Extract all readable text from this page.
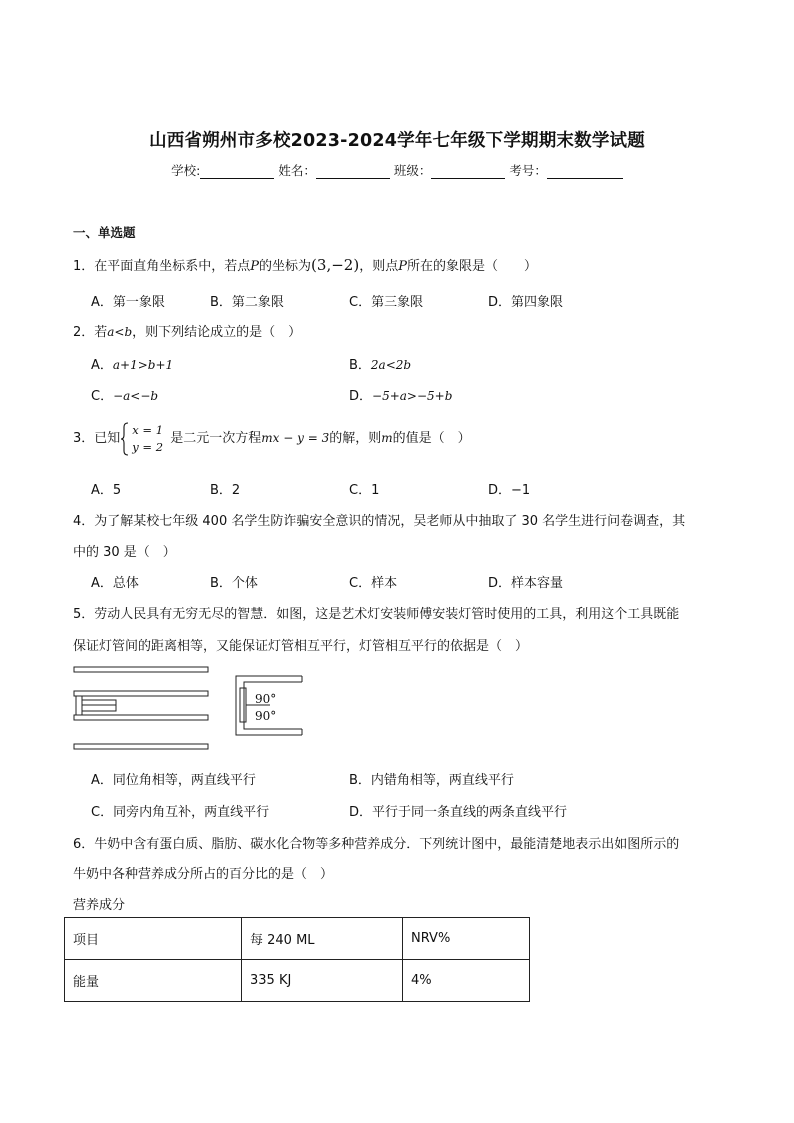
山西省朔州市多校2023-2024学年七年级下学期期末数学试题
学校:	姓名：	班级：	考号：
一、单选题
1．在平面直角坐标系中，若点P的坐标为(3,−2)，则点P所在的象限是（　　）
A．第一象限	B．第二象限	C．第三象限	D．第四象限
2．若a<b，则下列结论成立的是（　）
A．a+1>b+1	B．2a<2b
C．−a<−b	D．−5+a>−5+b
3．已知
x = 1
y = 2
是二元一次方程mx − y = 3的解，则m的值是（　）
A．5	B．2	C．1	D．−1
4．为了解某校七年级 400 名学生防诈骗安全意识的情况，吴老师从中抽取了 30 名学生进行问卷调查，其
中的 30 是（　）
A．总体	B．个体	C．样本	D．样本容量
5．劳动人民具有无穷无尽的智慧．如图，这是艺术灯安装师傅安装灯管时使用的工具，利用这个工具既能
保证灯管间的距离相等，又能保证灯管相互平行，灯管相互平行的依据是（　）
90°
90°
A．同位角相等，两直线平行	B．内错角相等，两直线平行
C．同旁内角互补，两直线平行	D．平行于同一条直线的两条直线平行
6．牛奶中含有蛋白质、脂肪、碳水化合物等多种营养成分．下列统计图中，最能清楚地表示出如图所示的
牛奶中各种营养成分所占的百分比的是（　）
营养成分
项目	每 240 ML	NRV%
能量	335 KJ	4%
